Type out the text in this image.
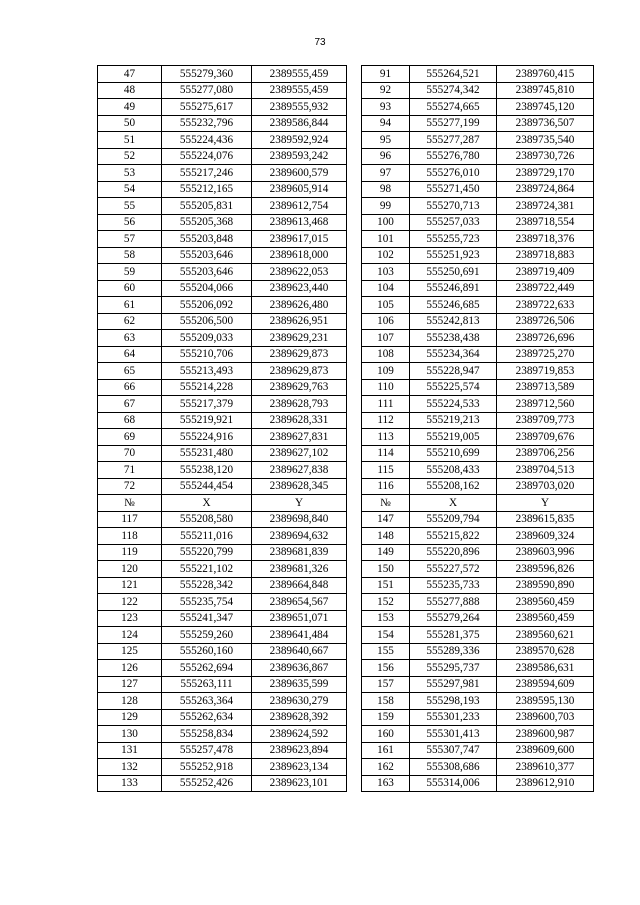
73
47	555279,360	2389555,459
48	555277,080	2389555,459
49	555275,617	2389555,932
50	555232,796	2389586,844
51	555224,436	2389592,924
52	555224,076	2389593,242
53	555217,246	2389600,579
54	555212,165	2389605,914
55	555205,831	2389612,754
56	555205,368	2389613,468
57	555203,848	2389617,015
58	555203,646	2389618,000
59	555203,646	2389622,053
60	555204,066	2389623,440
61	555206,092	2389626,480
62	555206,500	2389626,951
63	555209,033	2389629,231
64	555210,706	2389629,873
65	555213,493	2389629,873
66	555214,228	2389629,763
67	555217,379	2389628,793
68	555219,921	2389628,331
69	555224,916	2389627,831
70	555231,480	2389627,102
71	555238,120	2389627,838
72	555244,454	2389628,345
№	X	Y
117	555208,580	2389698,840
118	555211,016	2389694,632
119	555220,799	2389681,839
120	555221,102	2389681,326
121	555228,342	2389664,848
122	555235,754	2389654,567
123	555241,347	2389651,071
124	555259,260	2389641,484
125	555260,160	2389640,667
126	555262,694	2389636,867
127	555263,111	2389635,599
128	555263,364	2389630,279
129	555262,634	2389628,392
130	555258,834	2389624,592
131	555257,478	2389623,894
132	555252,918	2389623,134
133	555252,426	2389623,101
91	555264,521	2389760,415
92	555274,342	2389745,810
93	555274,665	2389745,120
94	555277,199	2389736,507
95	555277,287	2389735,540
96	555276,780	2389730,726
97	555276,010	2389729,170
98	555271,450	2389724,864
99	555270,713	2389724,381
100	555257,033	2389718,554
101	555255,723	2389718,376
102	555251,923	2389718,883
103	555250,691	2389719,409
104	555246,891	2389722,449
105	555246,685	2389722,633
106	555242,813	2389726,506
107	555238,438	2389726,696
108	555234,364	2389725,270
109	555228,947	2389719,853
110	555225,574	2389713,589
111	555224,533	2389712,560
112	555219,213	2389709,773
113	555219,005	2389709,676
114	555210,699	2389706,256
115	555208,433	2389704,513
116	555208,162	2389703,020
№	X	Y
147	555209,794	2389615,835
148	555215,822	2389609,324
149	555220,896	2389603,996
150	555227,572	2389596,826
151	555235,733	2389590,890
152	555277,888	2389560,459
153	555279,264	2389560,459
154	555281,375	2389560,621
155	555289,336	2389570,628
156	555295,737	2389586,631
157	555297,981	2389594,609
158	555298,193	2389595,130
159	555301,233	2389600,703
160	555301,413	2389600,987
161	555307,747	2389609,600
162	555308,686	2389610,377
163	555314,006	2389612,910
